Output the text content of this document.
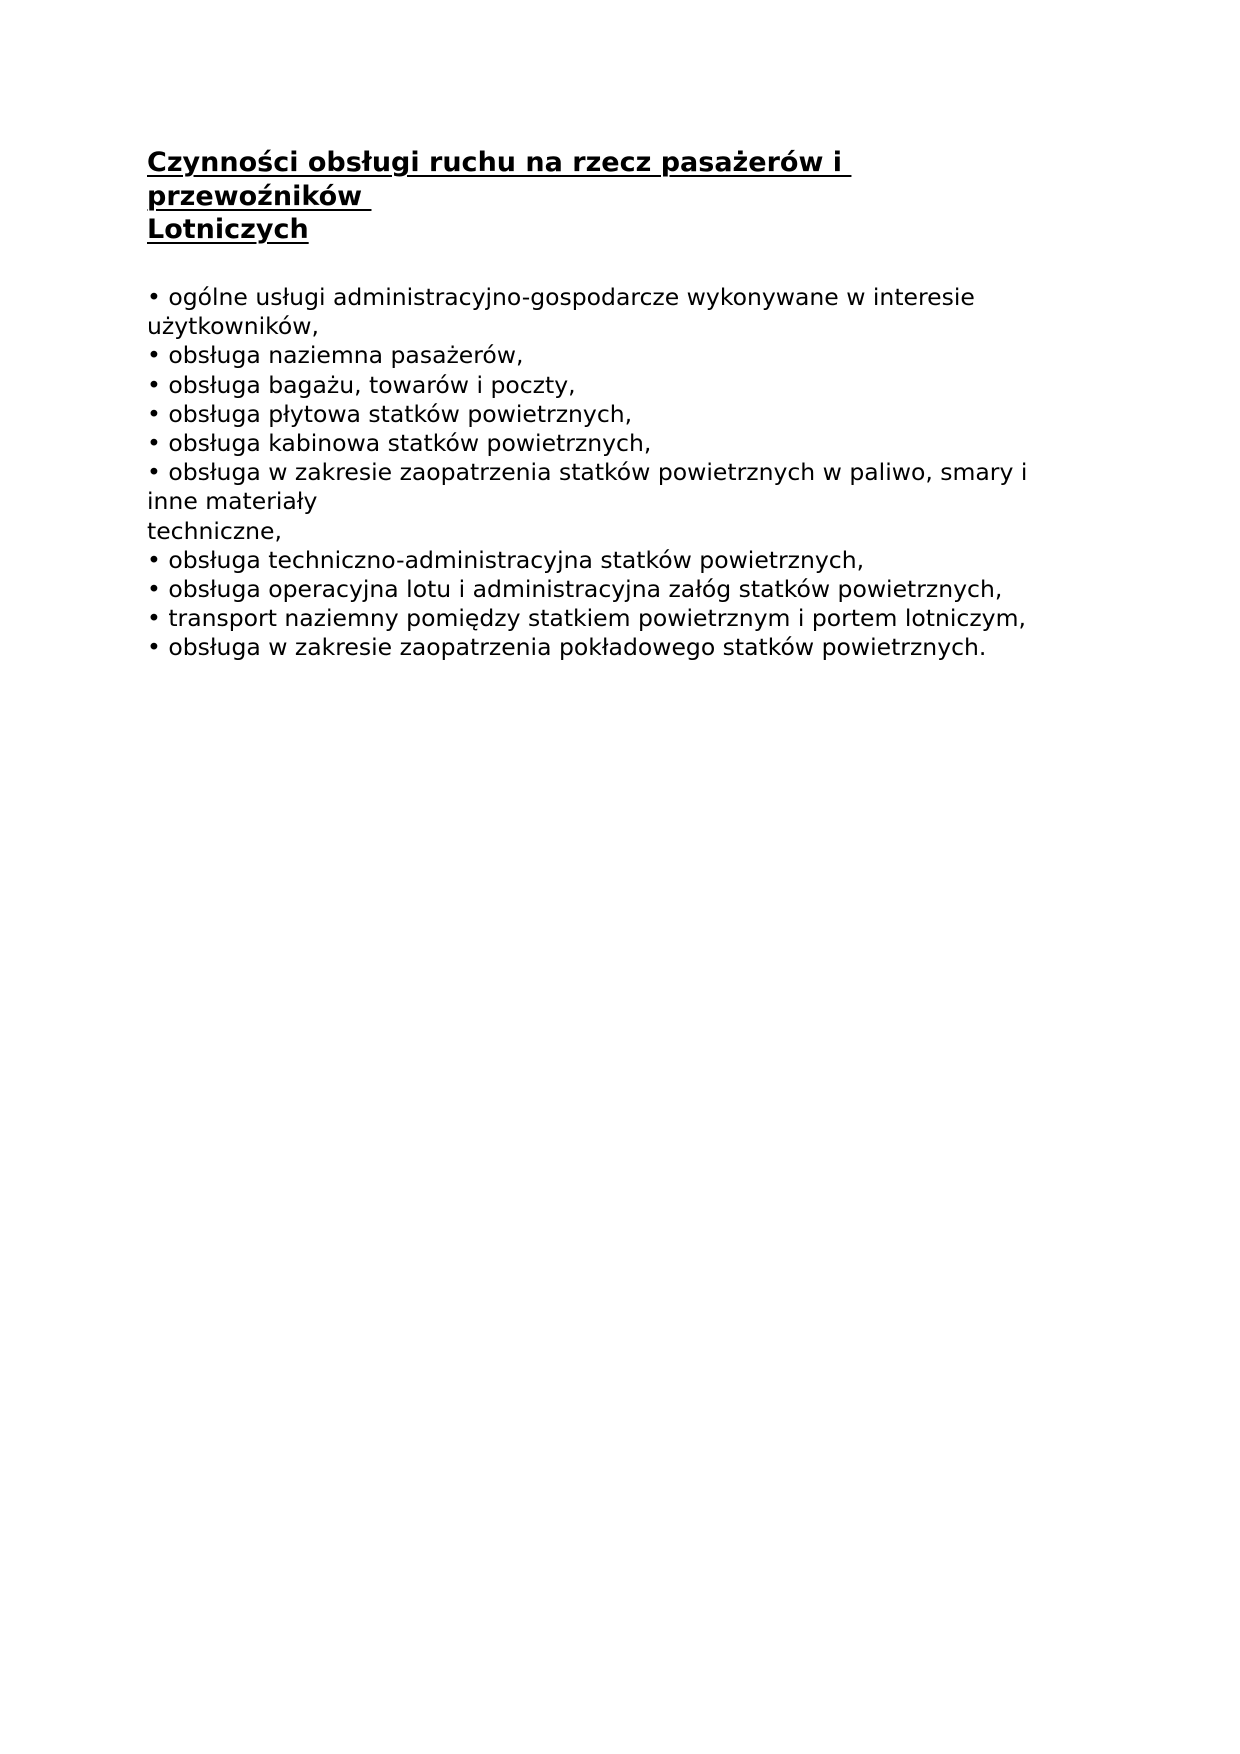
Czynności obsługi ruchu na rzecz pasażerów i
przewoźników
Lotniczych
• ogólne usługi administracyjno-gospodarcze wykonywane w interesie
użytkowników,
• obsługa naziemna pasażerów,
• obsługa bagażu, towarów i poczty,
• obsługa płytowa statków powietrznych,
• obsługa kabinowa statków powietrznych,
• obsługa w zakresie zaopatrzenia statków powietrznych w paliwo, smary i
inne materiały
techniczne,
• obsługa techniczno-administracyjna statków powietrznych,
• obsługa operacyjna lotu i administracyjna załóg statków powietrznych,
• transport naziemny pomiędzy statkiem powietrznym i portem lotniczym,
• obsługa w zakresie zaopatrzenia pokładowego statków powietrznych.
